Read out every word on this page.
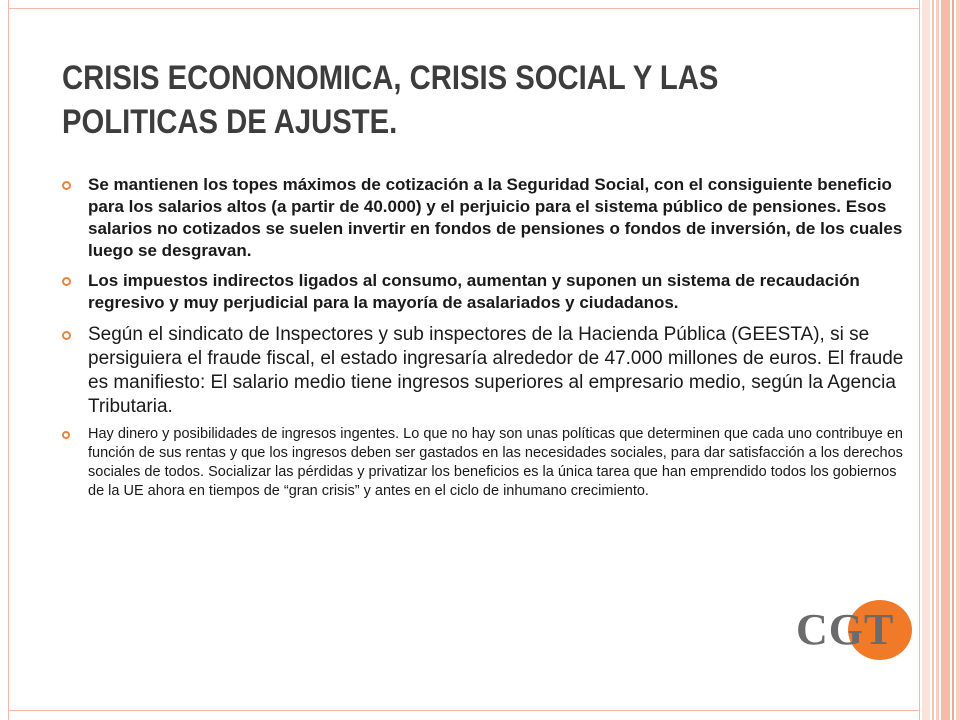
CRISIS ECONONOMICA, CRISIS SOCIAL Y LAS POLITICAS DE AJUSTE.
Se mantienen los topes máximos de cotización a la Seguridad Social, con el consiguiente beneficio para los salarios altos (a partir de 40.000) y el perjuicio para el sistema público de pensiones. Esos salarios no cotizados se suelen invertir en fondos de pensiones o fondos de inversión, de los cuales luego se desgravan.
Los impuestos indirectos ligados al consumo, aumentan y suponen un sistema de recaudación regresivo y muy perjudicial para la mayoría de asalariados y ciudadanos.
Según el sindicato de Inspectores y sub inspectores de la Hacienda Pública (GEESTA), si se persiguiera el fraude fiscal, el estado ingresaría alrededor de 47.000 millones de euros. El fraude es manifiesto: El salario medio tiene ingresos superiores al empresario medio, según la Agencia Tributaria.
Hay dinero y posibilidades de ingresos ingentes. Lo que no hay son unas políticas que determinen que cada uno contribuye en función de sus rentas y que los ingresos deben ser gastados en las necesidades sociales, para dar satisfacción a los derechos sociales de todos. Socializar las pérdidas y privatizar los beneficios es la única tarea que han emprendido todos los gobiernos de la UE ahora en tiempos de “gran crisis” y antes en el ciclo de inhumano crecimiento.
CGT
